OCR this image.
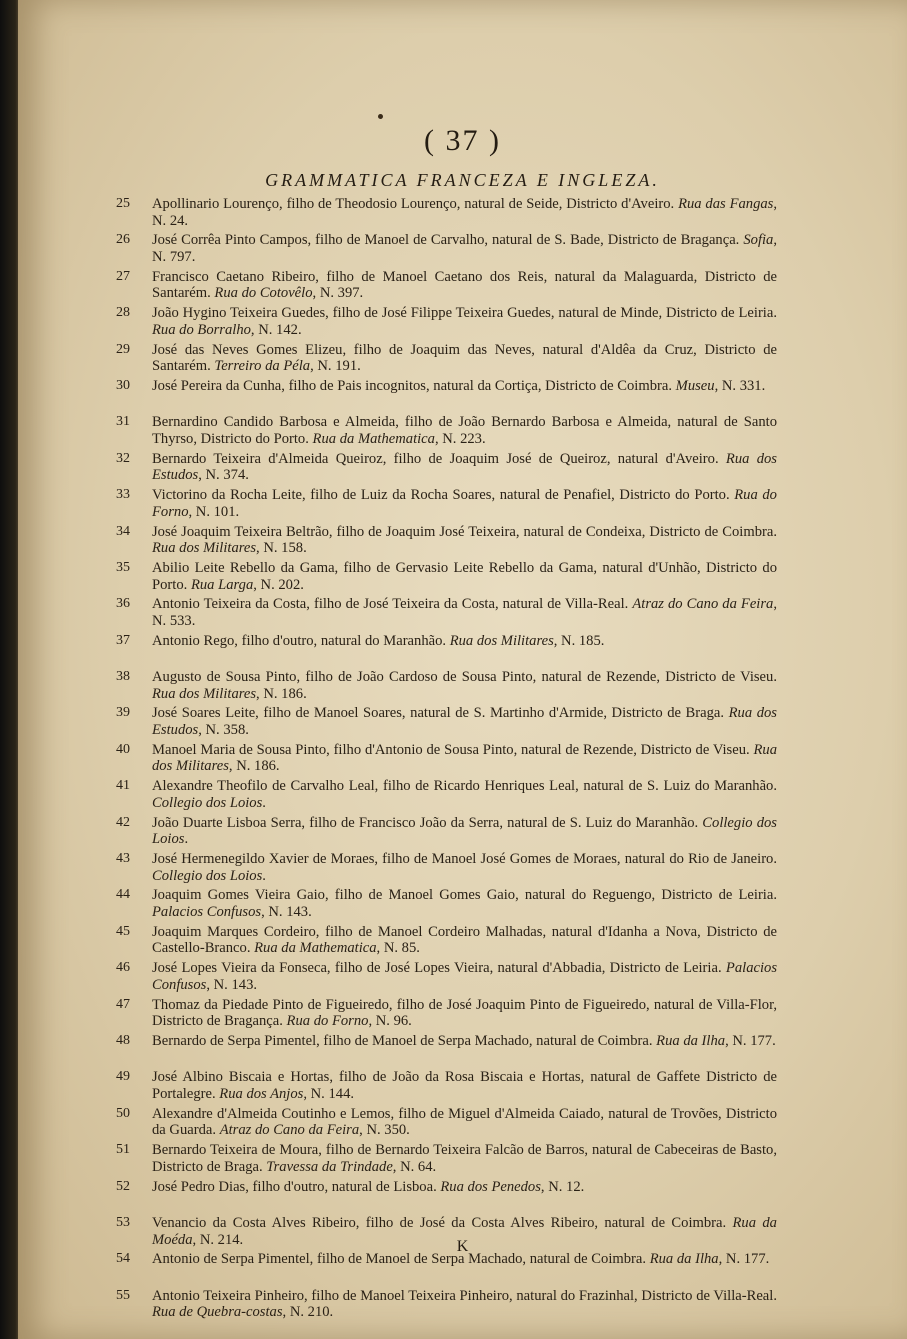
( 37 )
GRAMMATICA FRANCEZA E INGLEZA.
25	Apollinario Lourenço, filho de Theodosio Lourenço, natural de Seide, Districto d'Aveiro. Rua das Fangas, N. 24.
26	José Corrêa Pinto Campos, filho de Manoel de Carvalho, natural de S. Bade, Districto de Bragança. Sofia, N. 797.
27	Francisco Caetano Ribeiro, filho de Manoel Caetano dos Reis, natural da Malaguarda, Districto de Santarém. Rua do Cotovêlo, N. 397.
28	João Hygino Teixeira Guedes, filho de José Filippe Teixeira Guedes, natural de Minde, Districto de Leiria. Rua do Borralho, N. 142.
29	José das Neves Gomes Elizeu, filho de Joaquim das Neves, natural d'Aldêa da Cruz, Districto de Santarém. Terreiro da Péla, N. 191.
30	José Pereira da Cunha, filho de Pais incognitos, natural da Cortiça, Districto de Coimbra. Museu, N. 331.
31	Bernardino Candido Barbosa e Almeida, filho de João Bernardo Barbosa e Almeida, natural de Santo Thyrso, Districto do Porto. Rua da Mathematica, N. 223.
32	Bernardo Teixeira d'Almeida Queiroz, filho de Joaquim José de Queiroz, natural d'Aveiro. Rua dos Estudos, N. 374.
33	Victorino da Rocha Leite, filho de Luiz da Rocha Soares, natural de Penafiel, Districto do Porto. Rua do Forno, N. 101.
34	José Joaquim Teixeira Beltrão, filho de Joaquim José Teixeira, natural de Condeixa, Districto de Coimbra. Rua dos Militares, N. 158.
35	Abilio Leite Rebello da Gama, filho de Gervasio Leite Rebello da Gama, natural d'Unhão, Districto do Porto. Rua Larga, N. 202.
36	Antonio Teixeira da Costa, filho de José Teixeira da Costa, natural de Villa-Real. Atraz do Cano da Feira, N. 533.
37	Antonio Rego, filho d'outro, natural do Maranhão. Rua dos Militares, N. 185.
38	Augusto de Sousa Pinto, filho de João Cardoso de Sousa Pinto, natural de Rezende, Districto de Viseu. Rua dos Militares, N. 186.
39	José Soares Leite, filho de Manoel Soares, natural de S. Martinho d'Armide, Districto de Braga. Rua dos Estudos, N. 358.
40	Manoel Maria de Sousa Pinto, filho d'Antonio de Sousa Pinto, natural de Rezende, Districto de Viseu. Rua dos Militares, N. 186.
41	Alexandre Theofilo de Carvalho Leal, filho de Ricardo Henriques Leal, natural de S. Luiz do Maranhão. Collegio dos Loios.
42	João Duarte Lisboa Serra, filho de Francisco João da Serra, natural de S. Luiz do Maranhão. Collegio dos Loios.
43	José Hermenegildo Xavier de Moraes, filho de Manoel José Gomes de Moraes, natural do Rio de Janeiro. Collegio dos Loios.
44	Joaquim Gomes Vieira Gaio, filho de Manoel Gomes Gaio, natural do Reguengo, Districto de Leiria. Palacios Confusos, N. 143.
45	Joaquim Marques Cordeiro, filho de Manoel Cordeiro Malhadas, natural d'Idanha a Nova, Districto de Castello-Branco. Rua da Mathematica, N. 85.
46	José Lopes Vieira da Fonseca, filho de José Lopes Vieira, natural d'Abbadia, Districto de Leiria. Palacios Confusos, N. 143.
47	Thomaz da Piedade Pinto de Figueiredo, filho de José Joaquim Pinto de Figueiredo, natural de Villa-Flor, Districto de Bragança. Rua do Forno, N. 96.
48	Bernardo de Serpa Pimentel, filho de Manoel de Serpa Machado, natural de Coimbra. Rua da Ilha, N. 177.
49	José Albino Biscaia e Hortas, filho de João da Rosa Biscaia e Hortas, natural de Gaffete Districto de Portalegre. Rua dos Anjos, N. 144.
50	Alexandre d'Almeida Coutinho e Lemos, filho de Miguel d'Almeida Caiado, natural de Trovões, Districto da Guarda. Atraz do Cano da Feira, N. 350.
51	Bernardo Teixeira de Moura, filho de Bernardo Teixeira Falcão de Barros, natural de Cabeceiras de Basto, Districto de Braga. Travessa da Trindade, N. 64.
52	José Pedro Dias, filho d'outro, natural de Lisboa. Rua dos Penedos, N. 12.
53	Venancio da Costa Alves Ribeiro, filho de José da Costa Alves Ribeiro, natural de Coimbra. Rua da Moéda, N. 214.
54	Antonio de Serpa Pimentel, filho de Manoel de Serpa Machado, natural de Coimbra. Rua da Ilha, N. 177.
55	Antonio Teixeira Pinheiro, filho de Manoel Teixeira Pinheiro, natural do Frazinhal, Districto de Villa-Real. Rua de Quebra-costas, N. 210.
K
